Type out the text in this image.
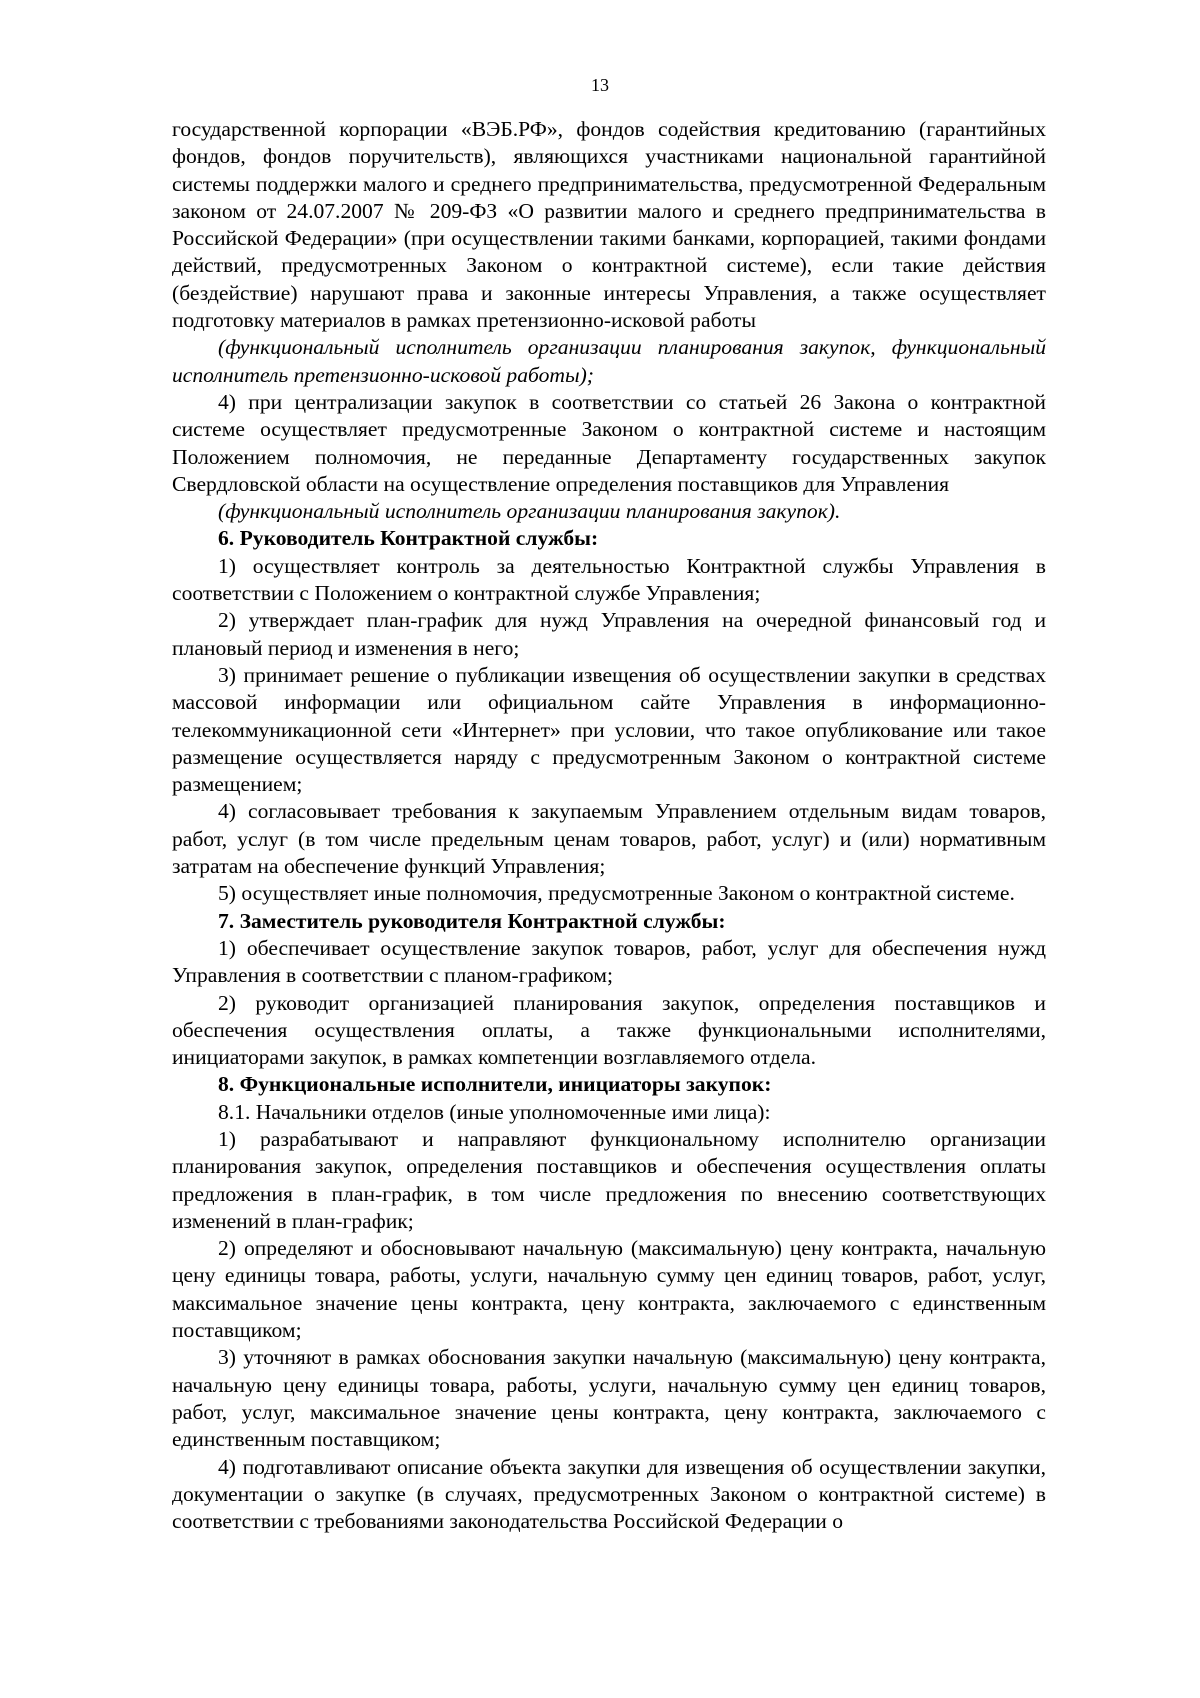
13

государственной корпорации «ВЭБ.РФ», фондов содействия кредитованию (гарантийных фондов, фондов поручительств), являющихся участниками национальной гарантийной системы поддержки малого и среднего предпринимательства, предусмотренной Федеральным законом от 24.07.2007 № 209-ФЗ «О развитии малого и среднего предпринимательства в Российской Федерации» (при осуществлении такими банками, корпорацией, такими фондами действий, предусмотренных Законом о контрактной системе), если такие действия (бездействие) нарушают права и законные интересы Управления, а также осуществляет подготовку материалов в рамках претензионно-исковой работы

(функциональный исполнитель организации планирования закупок, функциональный исполнитель претензионно-исковой работы);

4) при централизации закупок в соответствии со статьей 26 Закона о контрактной системе осуществляет предусмотренные Законом о контрактной системе и настоящим Положением полномочия, не переданные Департаменту государственных закупок Свердловской области на осуществление определения поставщиков для Управления

(функциональный исполнитель организации планирования закупок).

6. Руководитель Контрактной службы:

1) осуществляет контроль за деятельностью Контрактной службы Управления в соответствии с Положением о контрактной службе Управления;

2) утверждает план-график для нужд Управления на очередной финансовый год и плановый период и изменения в него;

3) принимает решение о публикации извещения об осуществлении закупки в средствах массовой информации или официальном сайте Управления в информационно-телекоммуникационной сети «Интернет» при условии, что такое опубликование или такое размещение осуществляется наряду с предусмотренным Законом о контрактной системе размещением;

4) согласовывает требования к закупаемым Управлением отдельным видам товаров, работ, услуг (в том числе предельным ценам товаров, работ, услуг) и (или) нормативным затратам на обеспечение функций Управления;

5) осуществляет иные полномочия, предусмотренные Законом о контрактной системе.

7. Заместитель руководителя Контрактной службы:

1) обеспечивает осуществление закупок товаров, работ, услуг для обеспечения нужд Управления в соответствии с планом-графиком;

2) руководит организацией планирования закупок, определения поставщиков и обеспечения осуществления оплаты, а также функциональными исполнителями, инициаторами закупок, в рамках компетенции возглавляемого отдела.

8. Функциональные исполнители, инициаторы закупок:

8.1. Начальники отделов (иные уполномоченные ими лица):

1) разрабатывают и направляют функциональному исполнителю организации планирования закупок, определения поставщиков и обеспечения осуществления оплаты предложения в план-график, в том числе предложения по внесению соответствующих изменений в план-график;

2) определяют и обосновывают начальную (максимальную) цену контракта, начальную цену единицы товара, работы, услуги, начальную сумму цен единиц товаров, работ, услуг, максимальное значение цены контракта, цену контракта, заключаемого с единственным поставщиком;

3) уточняют в рамках обоснования закупки начальную (максимальную) цену контракта, начальную цену единицы товара, работы, услуги, начальную сумму цен единиц товаров, работ, услуг, максимальное значение цены контракта, цену контракта, заключаемого с единственным поставщиком;

4) подготавливают описание объекта закупки для извещения об осуществлении закупки, документации о закупке (в случаях, предусмотренных Законом о контрактной системе) в соответствии с требованиями законодательства Российской Федерации о
